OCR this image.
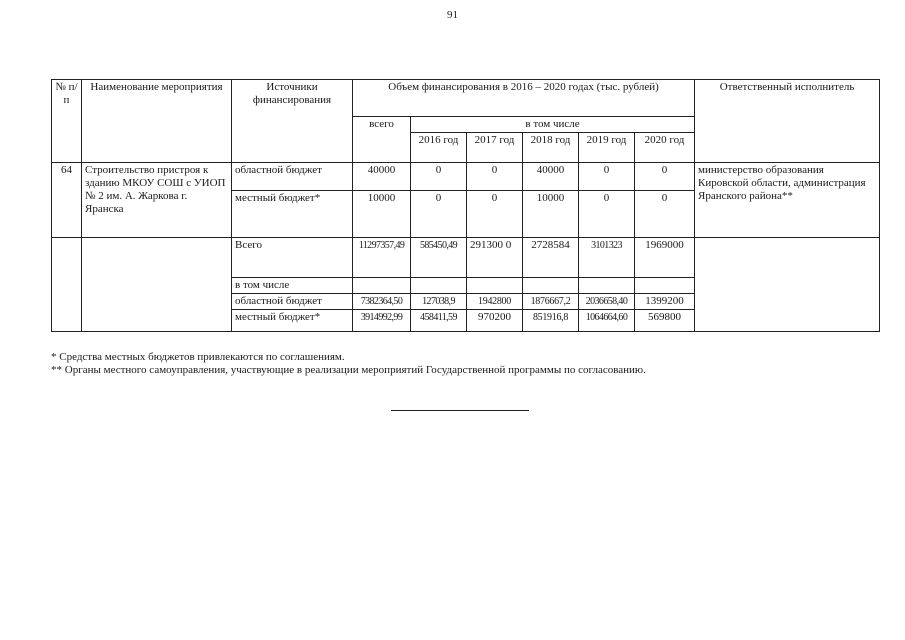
91
№ п/п	Наименование мероприятия	Источники финансирования	Объем финансирования в 2016 – 2020 годах (тыс. рублей)						Ответственный исполнитель
			всего	в том числе					
				2016 год	2017 год	2018 год	2019 год	2020 год	
64	Строительство пристроя к зданию МКОУ СОШ с УИОП № 2 им. А. Жаркова г. Яранска	областной бюджет	40000	0	0	40000	0	0	министерство образования Кировской области, администрация Яранского района**
		местный бюджет*	10000	0	0	10000	0	0	
		Всего	11297357,49	585450,49	291300 0	2728584	3101323	1969000	
		в том числе							
		областной бюджет	7382364,50	127038,9	1942800	1876667,2	2036658,40	1399200	
		местный бюджет*	3914992,99	458411,59	970200	851916,8	1064664,60	569800	
* Средства местных бюджетов привлекаются по соглашениям.
** Органы местного самоуправления, участвующие в реализации мероприятий Государственной программы по согласованию.
